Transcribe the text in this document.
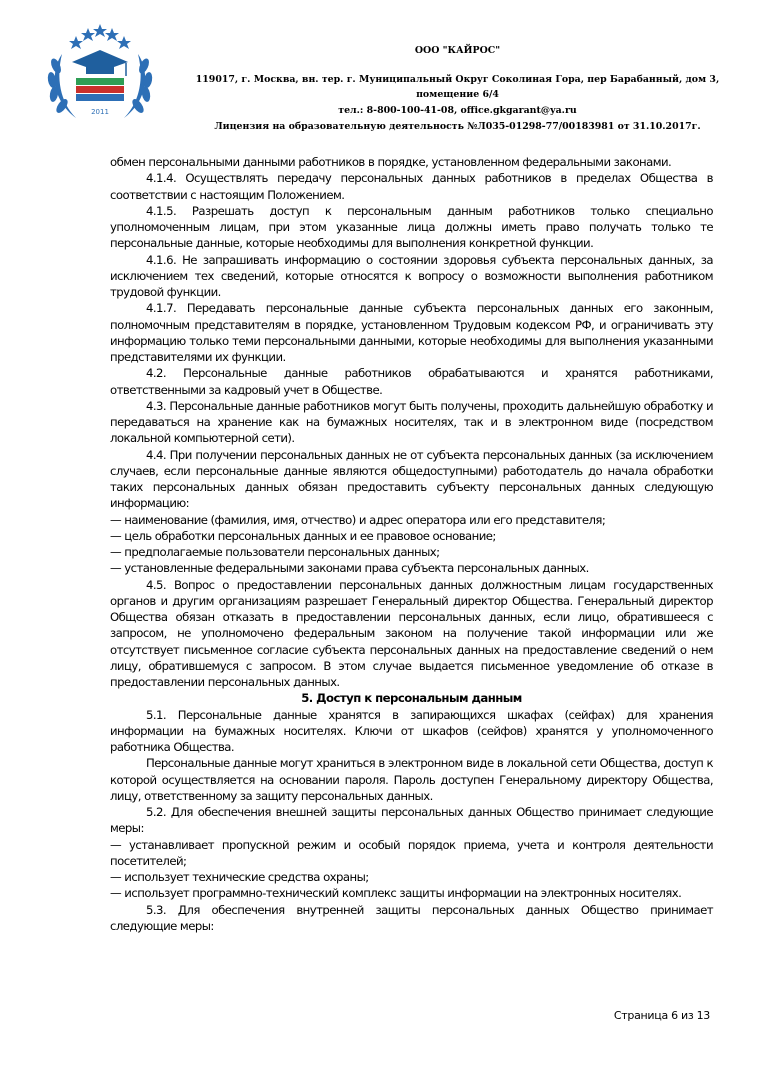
2011
ООО "КАЙРОС"
119017, г. Москва, вн. тер. г. Муниципальный Округ Соколиная Гора, пер Барабанный, дом 3,
помещение 6/4
тел.: 8-800-100-41-08, office.gkgarant@ya.ru
Лицензия на образовательную деятельность №Л035-01298-77/00183981 от 31.10.2017г.

обмен персональными данными работников в порядке, установленном федеральными законами.

4.1.4. Осуществлять передачу персональных данных работников в пределах Общества в соответствии с настоящим Положением.

4.1.5. Разрешать доступ к персональным данным работников только специально уполномоченным лицам, при этом указанные лица должны иметь право получать только те персональные данные, которые необходимы для выполнения конкретной функции.

4.1.6. Не запрашивать информацию о состоянии здоровья субъекта персональных данных, за исключением тех сведений, которые относятся к вопросу о возможности выполнения работником трудовой функции.

4.1.7. Передавать персональные данные субъекта персональных данных его законным, полномочным представителям в порядке, установленном Трудовым кодексом РФ, и ограничивать эту информацию только теми персональными данными, которые необходимы для выполнения указанными представителями их функции.

4.2. Персональные данные работников обрабатываются и хранятся работниками, ответственными за кадровый учет в Обществе.

4.3. Персональные данные работников могут быть получены, проходить дальнейшую обработку и передаваться на хранение как на бумажных носителях, так и в электронном виде (посредством локальной компьютерной сети).

4.4. При получении персональных данных не от субъекта персональных данных (за исключением случаев, если персональные данные являются общедоступными) работодатель до начала обработки таких персональных данных обязан предоставить субъекту персональных данных следующую информацию:

— наименование (фамилия, имя, отчество) и адрес оператора или его представителя;

— цель обработки персональных данных и ее правовое основание;

— предполагаемые пользователи персональных данных;

— установленные федеральными законами права субъекта персональных данных.

4.5. Вопрос о предоставлении персональных данных должностным лицам государственных органов и другим организациям разрешает Генеральный директор Общества. Генеральный директор Общества обязан отказать в предоставлении персональных данных, если лицо, обратившееся с запросом, не уполномочено федеральным законом на получение такой информации или же отсутствует письменное согласие субъекта персональных данных на предоставление сведений о нем лицу, обратившемуся с запросом. В этом случае выдается письменное уведомление об отказе в предоставлении персональных данных.

5. Доступ к персональным данным

5.1. Персональные данные хранятся в запирающихся шкафах (сейфах) для хранения информации на бумажных носителях. Ключи от шкафов (сейфов) хранятся у уполномоченного работника Общества.

Персональные данные могут храниться в электронном виде в локальной сети Общества, доступ к которой осуществляется на основании пароля. Пароль доступен Генеральному директору Общества, лицу, ответственному за защиту персональных данных.

5.2. Для обеспечения внешней защиты персональных данных Общество принимает следующие меры:

— устанавливает пропускной режим и особый порядок приема, учета и контроля деятельности посетителей;

— использует технические средства охраны;

— использует программно-технический комплекс защиты информации на электронных носителях.

5.3. Для обеспечения внутренней защиты персональных данных Общество принимает следующие меры:

Страница 6 из 13
